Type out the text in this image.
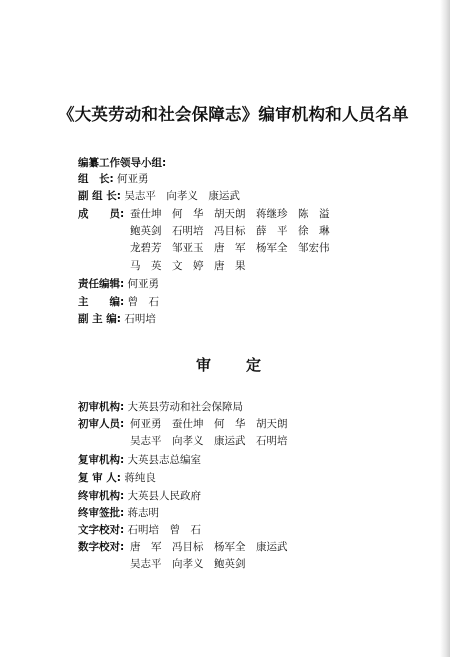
《大英劳动和社会保障志》编审机构和人员名单
编纂工作领导小组:
组　长: 何亚勇
副 组 长: 吴志平　向孝义　康运武
成　　员: 蚕仕坤　何　华　胡天朗　蒋继珍　陈　溢
鲍英剑　石明培　冯目标　薛　平　徐　琳
龙碧芳　邹亚玉　唐　军　杨军全　邹宏伟
马　英　文　婷　唐　果
责任编辑: 何亚勇
主　　编: 曾　石
副 主 编: 石明培
审 定
初审机构: 大英县劳动和社会保障局
初审人员: 何亚勇　蚕仕坤　何　华　胡天朗
吴志平　向孝义　康运武　石明培
复审机构: 大英县志总编室
复 审 人: 蒋纯良
终审机构: 大英县人民政府
终审签批: 蒋志明
文字校对: 石明培　曾　石
数字校对: 唐　军　冯目标　杨军全　康运武
吴志平　向孝义　鲍英剑
